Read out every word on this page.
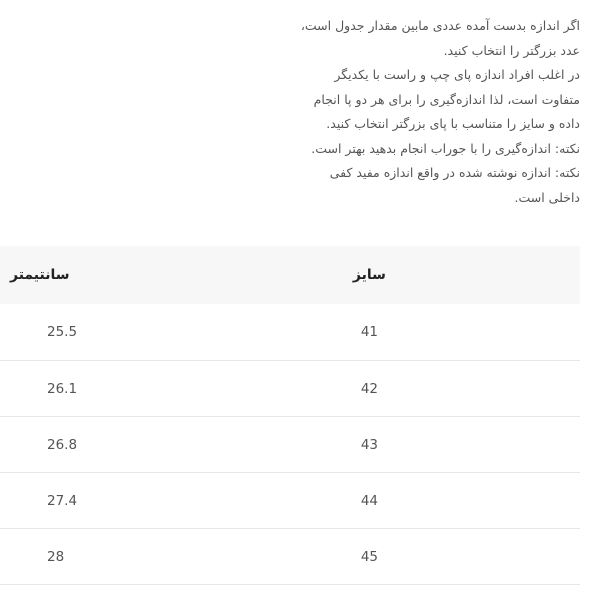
اگر اندازه بدست آمده عددی مابین مقدار جدول است،
عدد بزرگتر را انتخاب کنید.
در اغلب افراد اندازه پای چپ و راست با یکدیگر
متفاوت است، لذا اندازه‌گیری را برای هر دو پا انجام
داده و سایز را متناسب با پای بزرگتر انتخاب کنید.
نکته: اندازه‌گیری را با جوراب انجام بدهید بهتر است.
نکته: اندازه نوشته شده در واقع اندازه مفید کفی
داخلی است.
سانتیمتر	سایز
25.5	41
26.1	42
26.8	43
27.4	44
28	45
